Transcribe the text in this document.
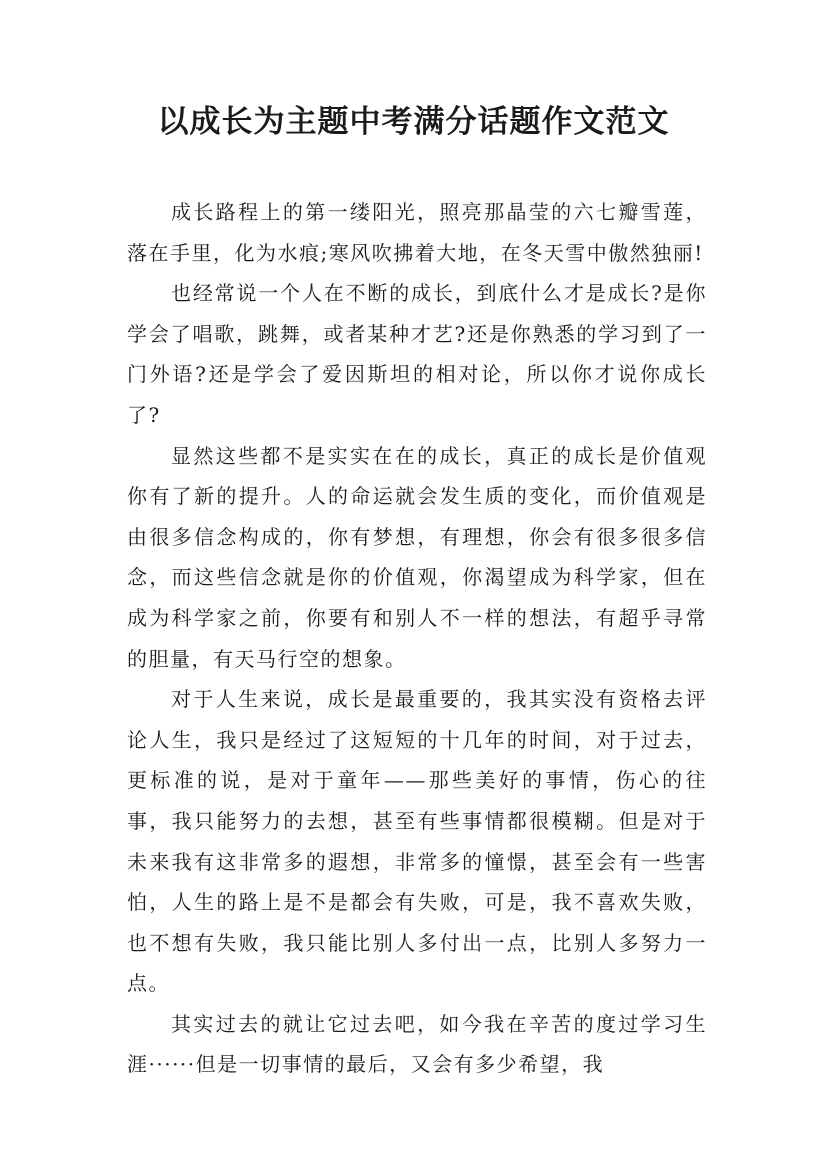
以成长为主题中考满分话题作文范文

成长路程上的第一缕阳光，照亮那晶莹的六七瓣雪莲，落在手里，化为水痕;寒风吹拂着大地，在冬天雪中傲然独丽!

也经常说一个人在不断的成长，到底什么才是成长?是你学会了唱歌，跳舞，或者某种才艺?还是你熟悉的学习到了一门外语?还是学会了爱因斯坦的相对论，所以你才说你成长了?

显然这些都不是实实在在的成长，真正的成长是价值观你有了新的提升。人的命运就会发生质的变化，而价值观是由很多信念构成的，你有梦想，有理想，你会有很多很多信念，而这些信念就是你的价值观，你渴望成为科学家，但在成为科学家之前，你要有和别人不一样的想法，有超乎寻常的胆量，有天马行空的想象。

对于人生来说，成长是最重要的，我其实没有资格去评论人生，我只是经过了这短短的十几年的时间，对于过去，更标准的说，是对于童年——那些美好的事情，伤心的往事，我只能努力的去想，甚至有些事情都很模糊。但是对于未来我有这非常多的遐想，非常多的憧憬，甚至会有一些害怕，人生的路上是不是都会有失败，可是，我不喜欢失败，也不想有失败，我只能比别人多付出一点，比别人多努力一点。

其实过去的就让它过去吧，如今我在辛苦的度过学习生涯······但是一切事情的最后，又会有多少希望，我
